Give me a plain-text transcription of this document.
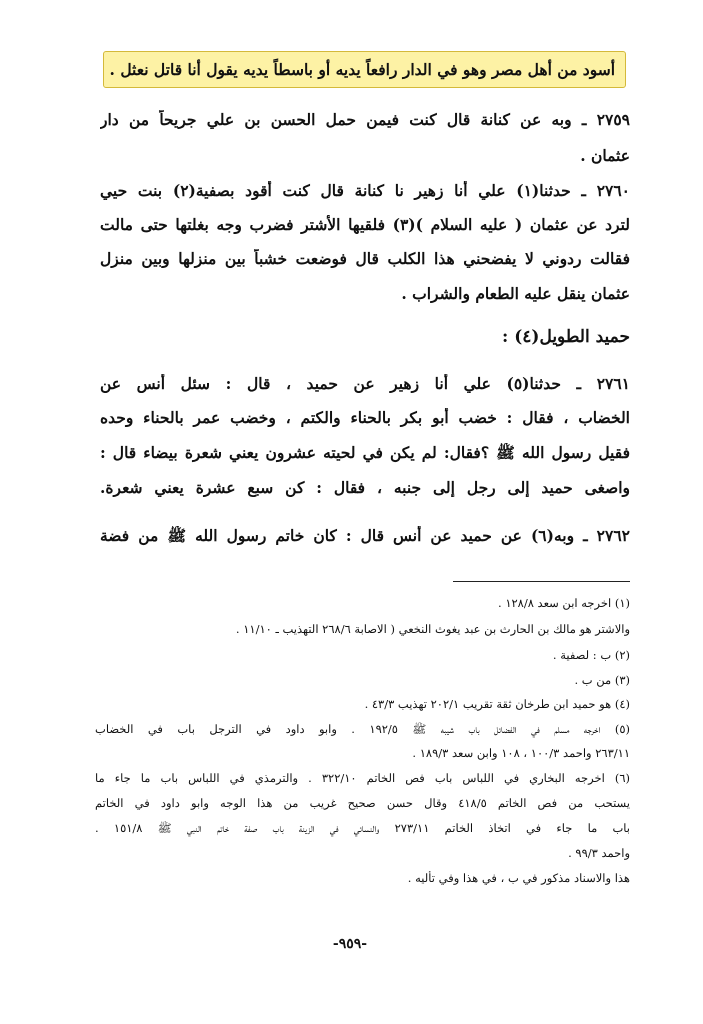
أسود من أهل مصر وهو في الدار رافعاً يديه أو باسطاً يديه يقول أنا قاتل نعثل .
٢٧٥٩ ـ وبه عن كنانة قال كنت فيمن حمل الحسن بن علي جريحاً من دار
عثمان .
٢٧٦٠ ـ حدثنا(١) علي أنا زهير نا كنانة قال كنت أقود بصفية(٢) بنت حيي
لترد عن عثمان ( عليه السلام )(٣) فلقيها الأشتر فضرب وجه بغلتها حتى مالت
فقالت ردوني لا يفضحني هذا الكلب قال فوضعت خشباً بين منزلها وبين منزل
عثمان ينقل عليه الطعام والشراب .
حميد الطويل(٤) :
٢٧٦١ ـ حدثنا(٥) علي أنا زهير عن حميد ، قال : سئل أنس عن
الخضاب ، فقال : خضب أبو بكر بالحناء والكتم ، وخضب عمر بالحناء وحده
فقيل رسول الله ﷺ ؟فقال: لم يكن في لحيته عشرون يعني شعرة بيضاء قال :
واصغى حميد إلى رجل إلى جنبه ، فقال : كن سبع عشرة يعني شعرة.
٢٧٦٢ ـ وبه(٦) عن حميد عن أنس قال : كان خاتم رسول الله ﷺ من فضة
(١) اخرجه ابن سعد ١٢٨/٨ .
والاشتر هو مالك بن الحارث بن عبد يغوث النخعي ( الاصابة ٢٦٨/٦ التهذيب ـ ١١/١٠ .
(٢) ب : لصفية .
(٣) من ب .
(٤) هو حميد ابن طرخان ثقة تقريب ٢٠٢/١ تهذيب ٤٣/٣ .
(٥) اخرجه مسلم في الفضائل باب شيبه ﷺ ١٩٢/٥ . وابو داود في الترجل باب في الخضاب
٢٦٣/١١ واحمد ١٠٠/٣ ، ١٠٨ وابن سعد ١٨٩/٣ .
(٦) اخرجه البخاري في اللباس باب فص الخاتم ٣٢٢/١٠ . والترمذي في اللباس باب ما جاء ما
يستحب من فص الخاتم ٤١٨/٥ وقال حسن صحيح غريب من هذا الوجه وابو داود في الخاتم
باب ما جاء في اتخاذ الخاتم ٢٧٣/١١ والنسائي في الزينة باب صفة خاتم النبي ﷺ ١٥١/٨ .
واحمد ٩٩/٣ .
هذا والاسناد مذكور في ب ، في هذا وفي تأليه .
-٩٥٩-
